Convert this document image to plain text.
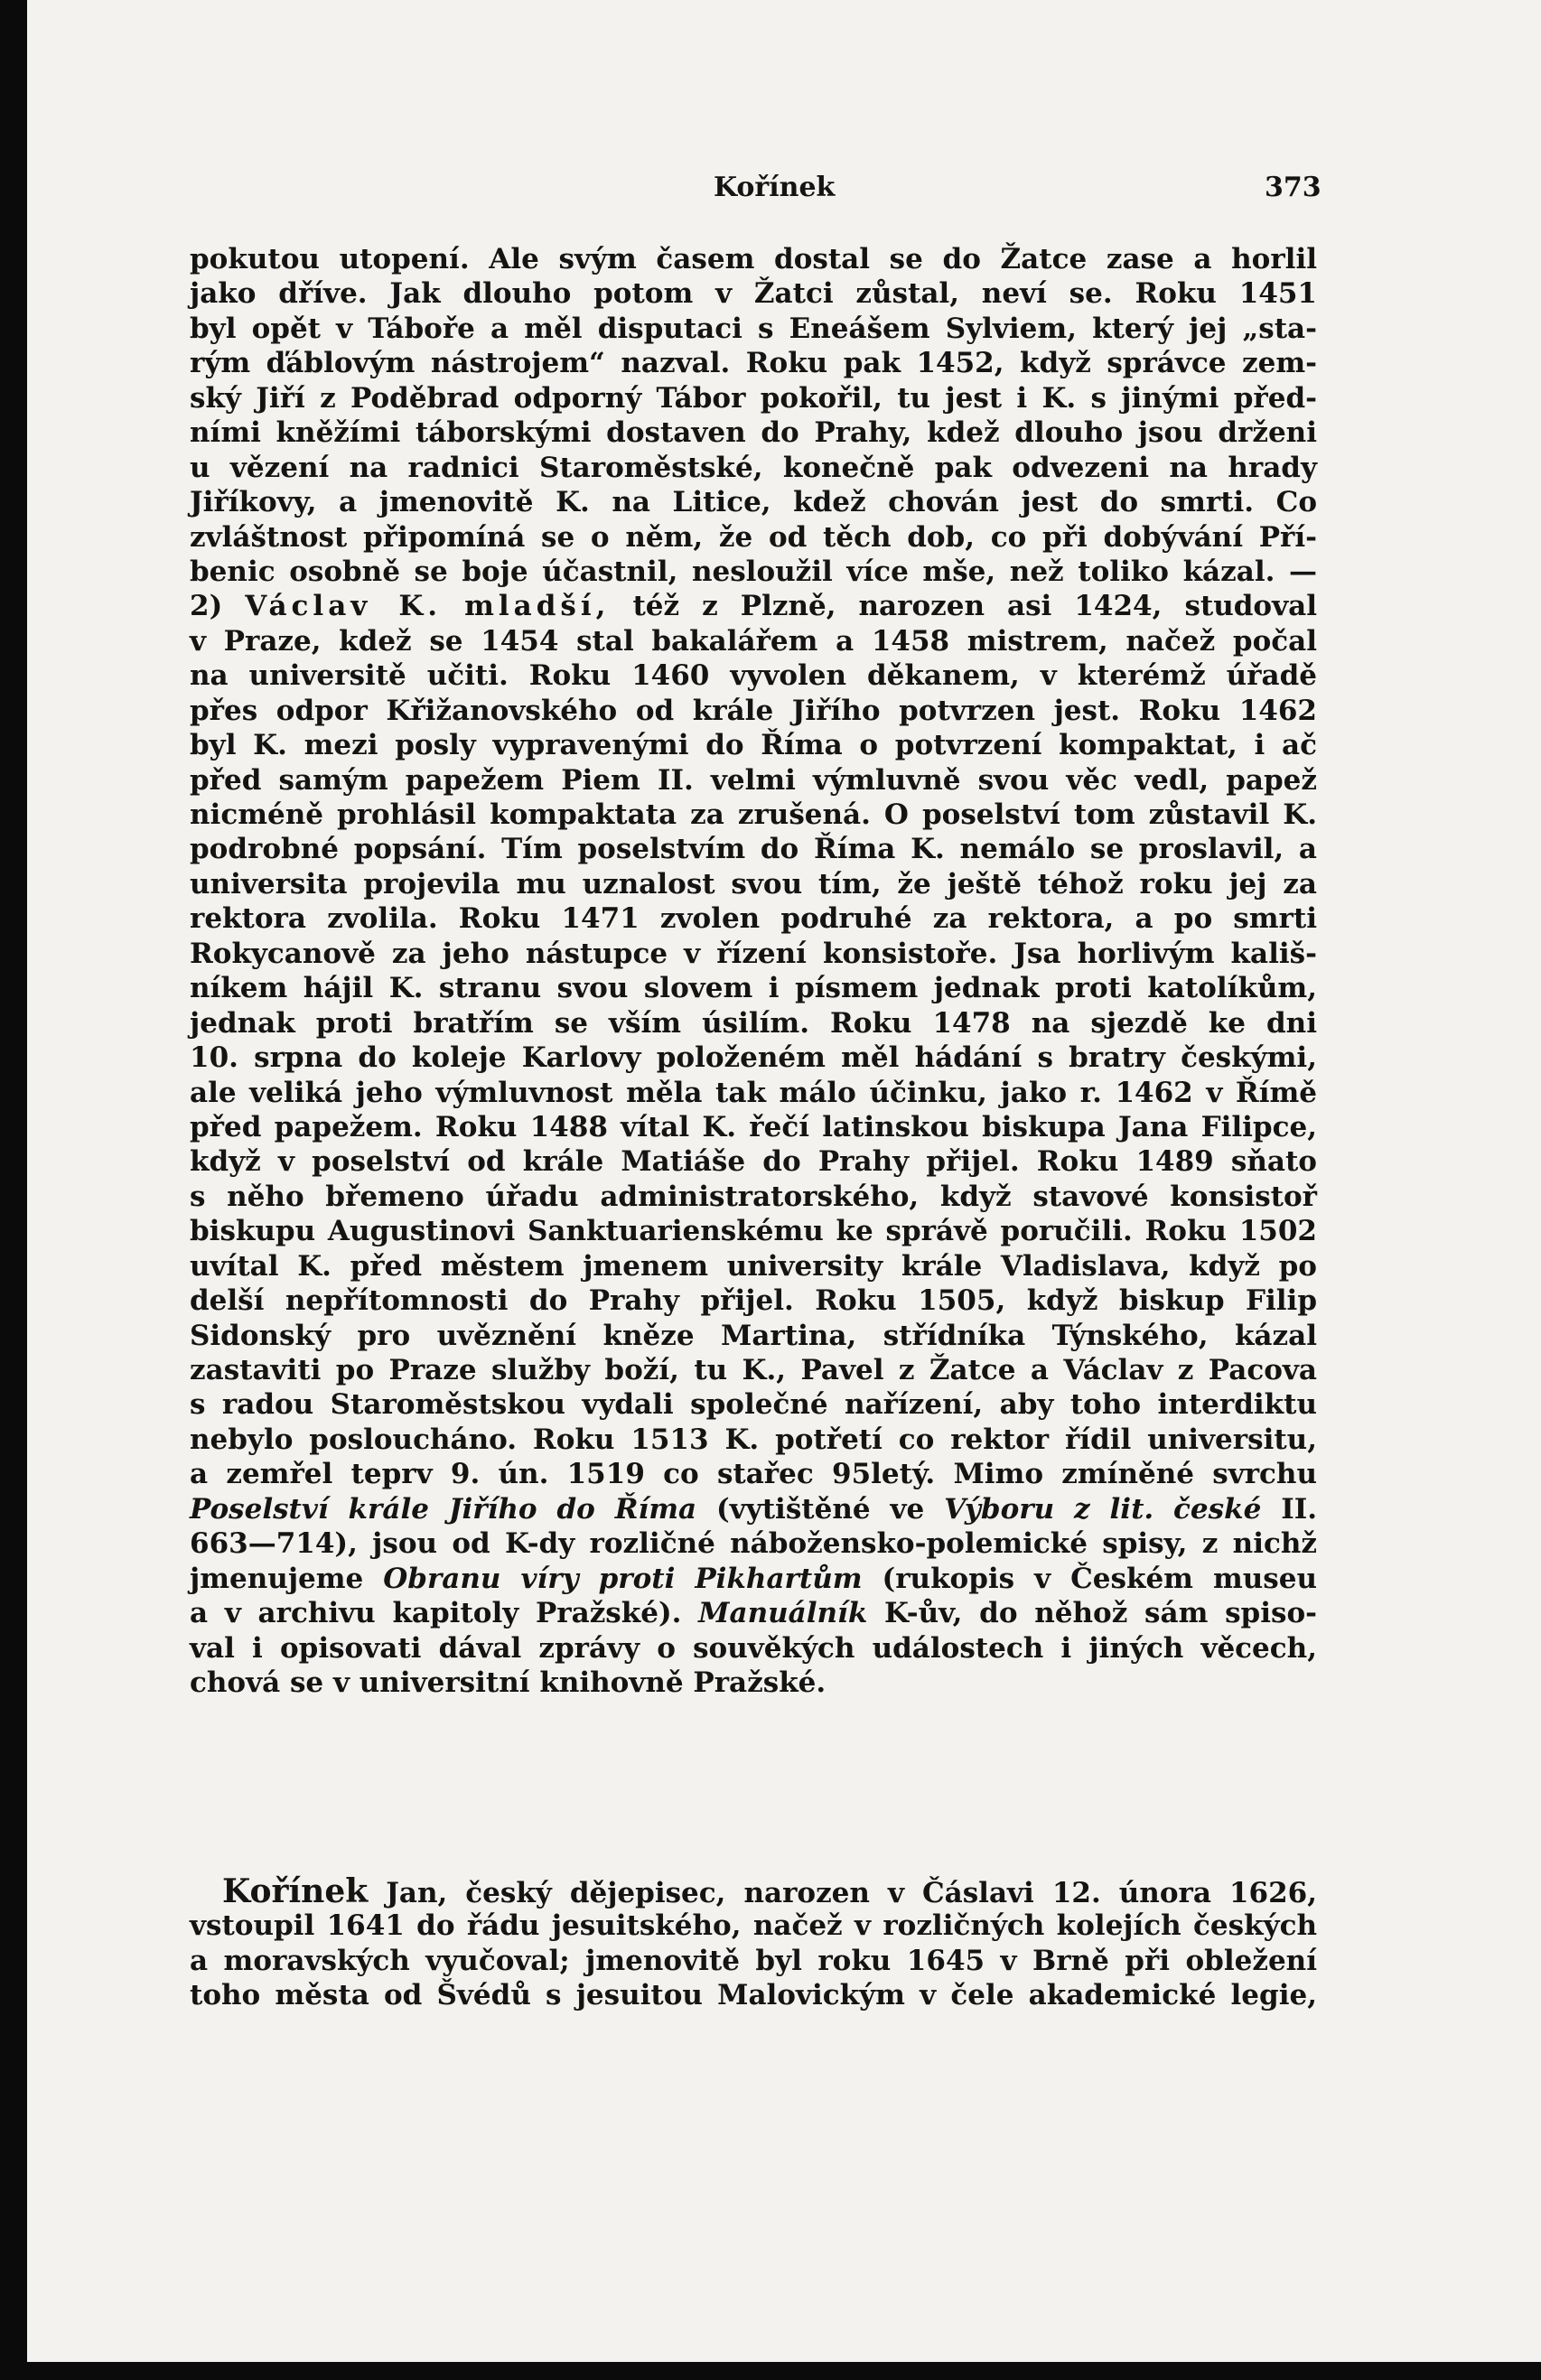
Kořínek	373
pokutou utopení. Ale svým časem dostal se do Žatce zase a horlil
jako dříve. Jak dlouho potom v Žatci zůstal, neví se. Roku 1451
byl opět v Táboře a měl disputaci s Eneášem Sylviem, který jej „sta-
rým ďáblovým nástrojem“ nazval. Roku pak 1452, když správce zem-
ský Jiří z Poděbrad odporný Tábor pokořil, tu jest i K. s jinými před-
ními kněžími táborskými dostaven do Prahy, kdež dlouho jsou drženi
u vězení na radnici Staroměstské, konečně pak odvezeni na hrady
Jiříkovy, a jmenovitě K. na Litice, kdež chován jest do smrti. Co
zvláštnost připomíná se o něm, že od těch dob, co při dobývání Pří-
benic osobně se boje účastnil, nesloužil více mše, než toliko kázal. —
2) Václav K. mladší, též z Plzně, narozen asi 1424, studoval
v Praze, kdež se 1454 stal bakalářem a 1458 mistrem, načež počal
na universitě učiti. Roku 1460 vyvolen děkanem, v kterémž úřadě
přes odpor Křižanovského od krále Jiřího potvrzen jest. Roku 1462
byl K. mezi posly vypravenými do Říma o potvrzení kompaktat, i ač
před samým papežem Piem II. velmi výmluvně svou věc vedl, papež
nicméně prohlásil kompaktata za zrušená. O poselství tom zůstavil K.
podrobné popsání. Tím poselstvím do Říma K. nemálo se proslavil, a
universita projevila mu uznalost svou tím, že ještě téhož roku jej za
rektora zvolila. Roku 1471 zvolen podruhé za rektora, a po smrti
Rokycanově za jeho nástupce v řízení konsistoře. Jsa horlivým kališ-
níkem hájil K. stranu svou slovem i písmem jednak proti katolíkům,
jednak proti bratřím se vším úsilím. Roku 1478 na sjezdě ke dni
10. srpna do koleje Karlovy položeném měl hádání s bratry českými,
ale veliká jeho výmluvnost měla tak málo účinku, jako r. 1462 v Římě
před papežem. Roku 1488 vítal K. řečí latinskou biskupa Jana Filipce,
když v poselství od krále Matiáše do Prahy přijel. Roku 1489 sňato
s něho břemeno úřadu administratorského, když stavové konsistoř
biskupu Augustinovi Sanktuarienskému ke správě poručili. Roku 1502
uvítal K. před městem jmenem university krále Vladislava, když po
delší nepřítomnosti do Prahy přijel. Roku 1505, když biskup Filip
Sidonský pro uvěznění kněze Martina, střídníka Týnského, kázal
zastaviti po Praze služby boží, tu K., Pavel z Žatce a Václav z Pacova
s radou Staroměstskou vydali společné nařízení, aby toho interdiktu
nebylo posloucháno. Roku 1513 K. potřetí co rektor řídil universitu,
a zemřel teprv 9. ún. 1519 co stařec 95letý. Mimo zmíněné svrchu
Poselství krále Jiřího do Říma (vytištěné ve Výboru z lit. české II.
663—714), jsou od K-dy rozličné nábožensko-polemické spisy, z nichž
jmenujeme Obranu víry proti Pikhartům (rukopis v Českém museu
a v archivu kapitoly Pražské). Manuálník K-ův, do něhož sám spiso-
val i opisovati dával zprávy o souvěkých událostech i jiných věcech,
chová se v universitní knihovně Pražské.
Kořínek Jan, český dějepisec, narozen v Čáslavi 12. února 1626,
vstoupil 1641 do řádu jesuitského, načež v rozličných kolejích českých
a moravských vyučoval; jmenovitě byl roku 1645 v Brně při obležení
toho města od Švédů s jesuitou Malovickým v čele akademické legie,
